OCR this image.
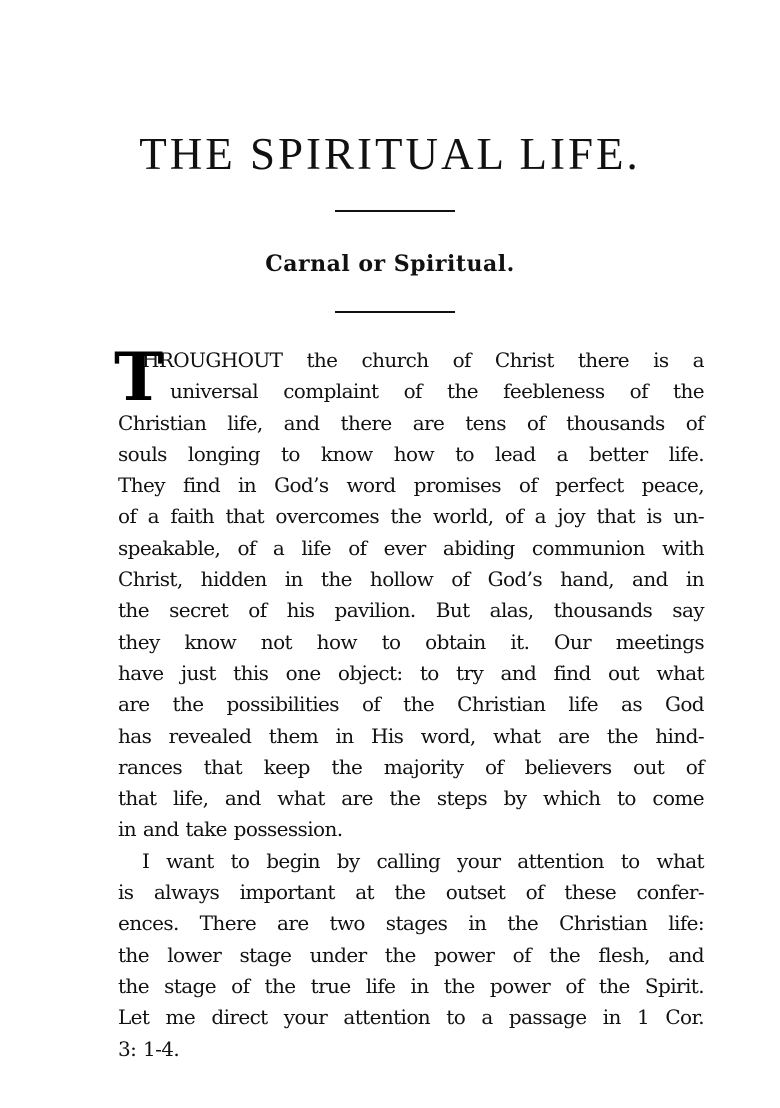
THE SPIRITUAL LIFE.
Carnal or Spiritual.
T
HROUGHOUT the church of Christ there is a
universal complaint of the feebleness of the
Christian life, and there are tens of thousands of
souls longing to know how to lead a better life.
They find in God’s word promises of perfect peace,
of a faith that overcomes the world, of a joy that is un-
speakable, of a life of ever abiding communion with
Christ, hidden in the hollow of God’s hand, and in
the secret of his pavilion. But alas, thousands say
they know not how to obtain it. Our meetings
have just this one object: to try and find out what
are the possibilities of the Christian life as God
has revealed them in His word, what are the hind-
rances that keep the majority of believers out of
that life, and what are the steps by which to come
in and take possession.
I want to begin by calling your attention to what
is always important at the outset of these confer-
ences. There are two stages in the Christian life:
the lower stage under the power of the flesh, and
the stage of the true life in the power of the Spirit.
Let me direct your attention to a passage in 1 Cor.
3: 1-4.
